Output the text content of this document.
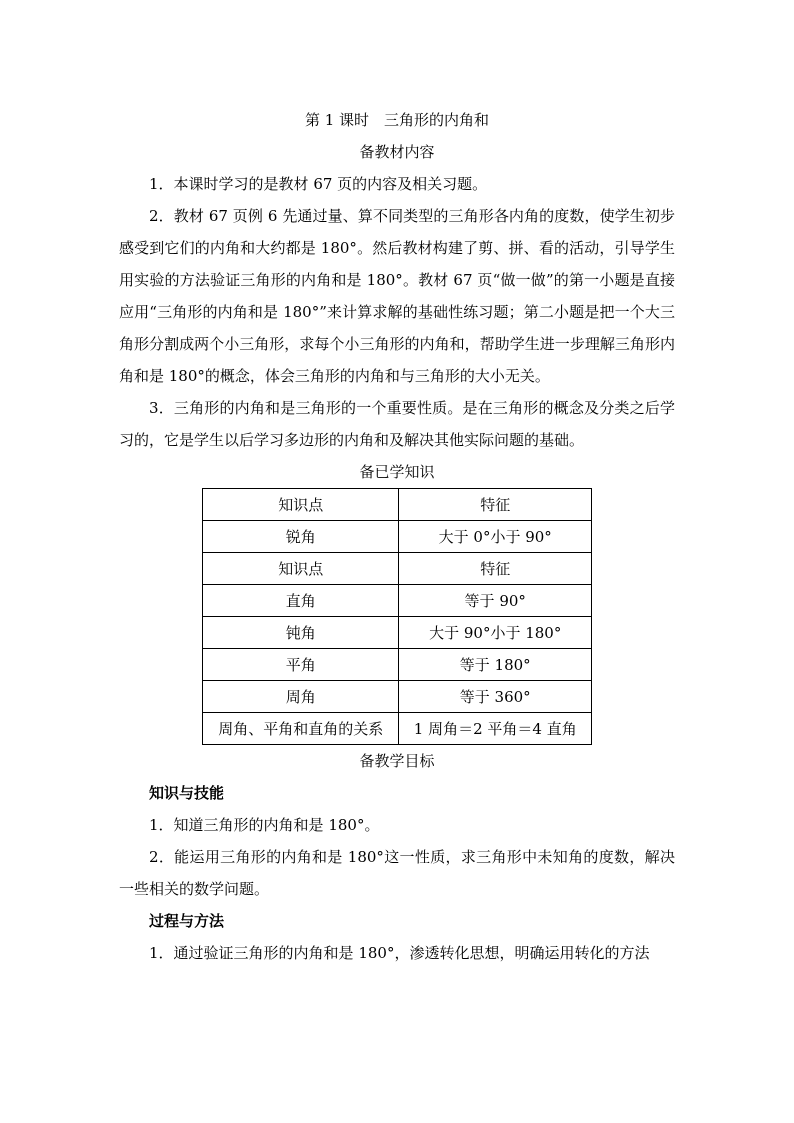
第 1 课时　三角形的内角和

备教材内容

1．本课时学习的是教材 67 页的内容及相关习题。

2．教材 67 页例 6 先通过量、算不同类型的三角形各内角的度数，使学生初步感受到它们的内角和大约都是 180°。然后教材构建了剪、拼、看的活动，引导学生用实验的方法验证三角形的内角和是 180°。教材 67 页“做一做”的第一小题是直接应用“三角形的内角和是 180°”来计算求解的基础性练习题；第二小题是把一个大三角形分割成两个小三角形，求每个小三角形的内角和，帮助学生进一步理解三角形内角和是 180°的概念，体会三角形的内角和与三角形的大小无关。

3．三角形的内角和是三角形的一个重要性质。是在三角形的概念及分类之后学习的，它是学生以后学习多边形的内角和及解决其他实际问题的基础。

备已学知识

知识点	特征
锐角	大于 0°小于 90°
知识点	特征
直角	等于 90°
钝角	大于 90°小于 180°
平角	等于 180°
周角	等于 360°
周角、平角和直角的关系	1 周角＝2 平角＝4 直角

备教学目标

知识与技能

1．知道三角形的内角和是 180°。

2．能运用三角形的内角和是 180°这一性质，求三角形中未知角的度数，解决一些相关的数学问题。

过程与方法

1．通过验证三角形的内角和是 180°，渗透转化思想，明确运用转化的方法
